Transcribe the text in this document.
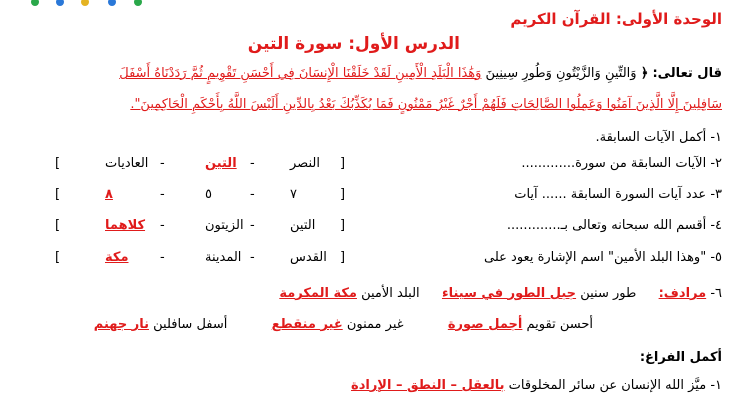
الوحدة الأولى: القرآن الكريم
الدرس الأول: سورة التين
قال تعالى: ﴿ وَالتِّينِ وَالزَّيْتُونِ وَطُورِ سِينِينَ وَهَٰذَا الْبَلَدِ الْأَمِينِ لَقَدْ خَلَقْنَا الْإِنسَانَ فِي أَحْسَنِ تَقْوِيمٍ ثُمَّ رَدَدْنَاهُ أَسْفَلَ
سَافِلِينَ إِلَّا الَّذِينَ آمَنُوا وَعَمِلُوا الصَّالِحَاتِ فَلَهُمْ أَجْرٌ غَيْرُ مَمْنُونٍ فَمَا يُكَذِّبُكَ بَعْدُ بِالدِّينِ أَلَيْسَ اللَّهُ بِأَحْكَمِ الْحَاكِمِينَ".
١- أكمل الآيات السابقة.
٢- الآيات السابقة من سورة.............
[
النصر
التين
العاديات	-
-
]
٣- عدد آيات السورة السابقة ...... آيات
[
٧
٥
٨	-
-
]
٤- أقسم الله سبحانه وتعالى بـ.............
[
التين
الزيتون
كلاهما	-
-
]
٥- "وهذا البلد الأمين" اسم الإشارة يعود على
[
القدس
المدينة
مكة	-
-
]
٦- مرادف:  طور سنين جبل الطور في سيناء  البلد الأمين مكة المكرمة
أحسن تقويم أجمل صورة  غير ممنون غير منقطع  أسفل سافلين نار جهنم
أكمل الفراغ:
١- ميَّز الله الإنسان عن سائر المخلوقات بالعقل – النطق – الإرادة
